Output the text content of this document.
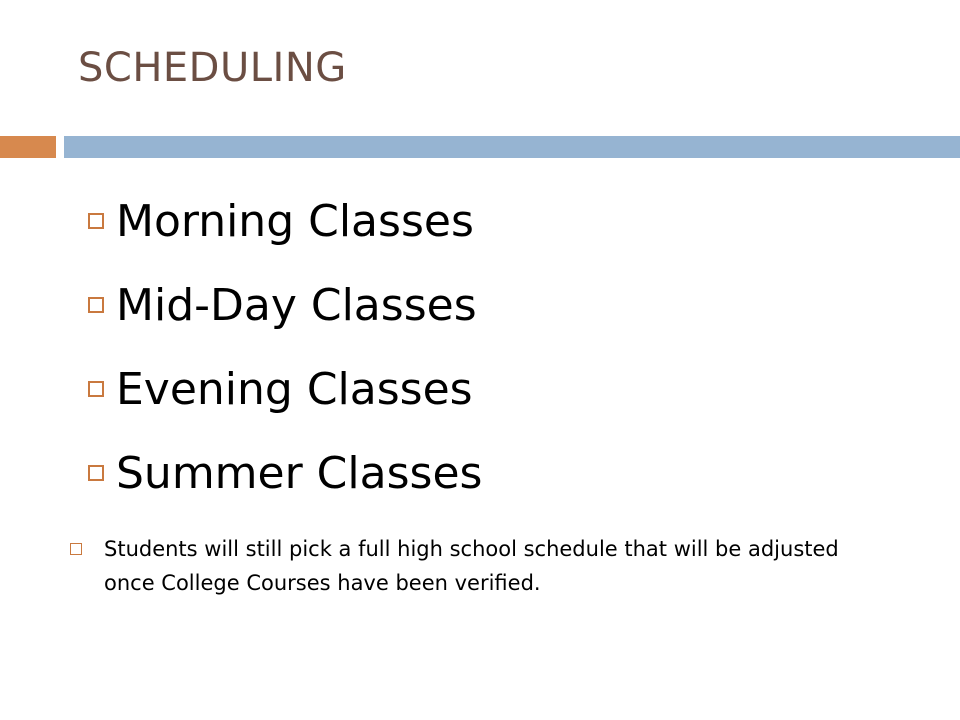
SCHEDULING
Morning Classes
Mid-Day Classes
Evening Classes
Summer Classes
Students will still pick a full high school schedule that will be adjusted once College Courses have been verified.
